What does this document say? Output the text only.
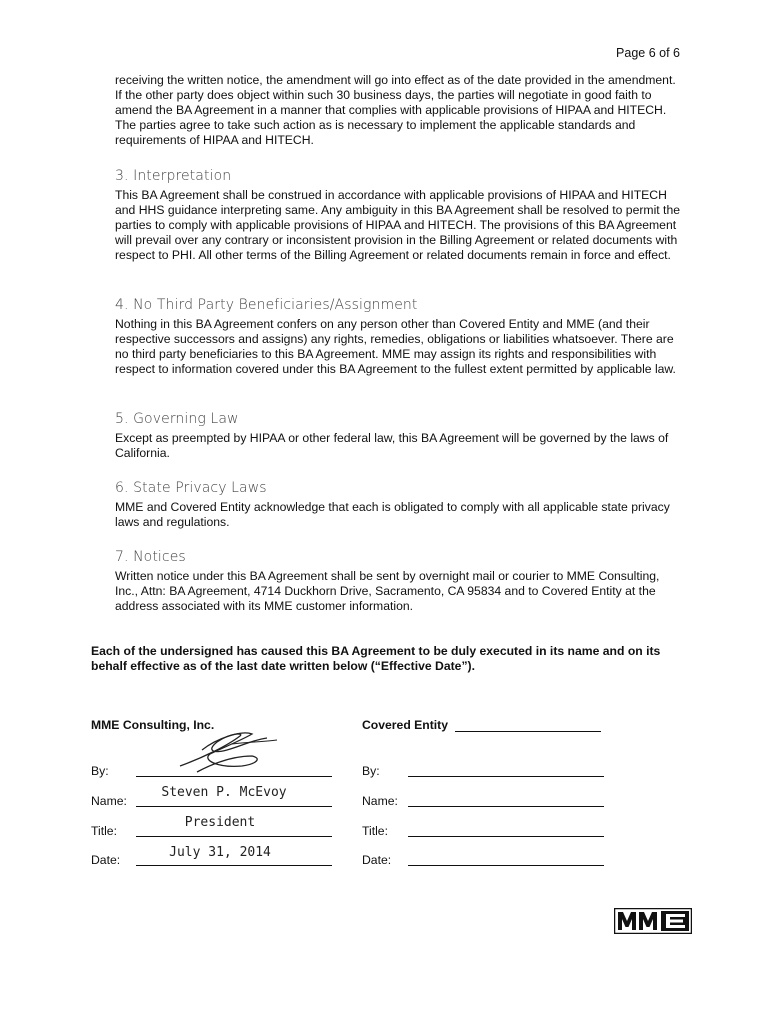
Page 6 of 6

receiving the written notice, the amendment will go into effect as of the date provided in the amendment. If the other party does object within such 30 business days, the parties will negotiate in good faith to amend the BA Agreement in a manner that complies with applicable provisions of HIPAA and HITECH. The parties agree to take such action as is necessary to implement the applicable standards and requirements of HIPAA and HITECH.

3. Interpretation

This BA Agreement shall be construed in accordance with applicable provisions of HIPAA and HITECH and HHS guidance interpreting same. Any ambiguity in this BA Agreement shall be resolved to permit the parties to comply with applicable provisions of HIPAA and HITECH. The provisions of this BA Agreement will prevail over any contrary or inconsistent provision in the Billing Agreement or related documents with respect to PHI. All other terms of the Billing Agreement or related documents remain in force and effect.

4. No Third Party Beneficiaries/Assignment

Nothing in this BA Agreement confers on any person other than Covered Entity and MME (and their respective successors and assigns) any rights, remedies, obligations or liabilities whatsoever. There are no third party beneficiaries to this BA Agreement. MME may assign its rights and responsibilities with respect to information covered under this BA Agreement to the fullest extent permitted by applicable law.

5. Governing Law

Except as preempted by HIPAA or other federal law, this BA Agreement will be governed by the laws of California.

6. State Privacy Laws

MME and Covered Entity acknowledge that each is obligated to comply with all applicable state privacy laws and regulations.

7. Notices

Written notice under this BA Agreement shall be sent by overnight mail or courier to MME Consulting, Inc., Attn: BA Agreement, 4714 Duckhorn Drive, Sacramento, CA 95834 and to Covered Entity at the address associated with its MME customer information.

Each of the undersigned has caused this BA Agreement to be duly executed in its name and on its behalf effective as of the last date written below (“Effective Date”).

MME Consulting, Inc.
By:
Name:
Steven P. McEvoy
Title:
President
Date:	July 31, 2014
Covered Entity
By:
Name:
Title:
Date:
